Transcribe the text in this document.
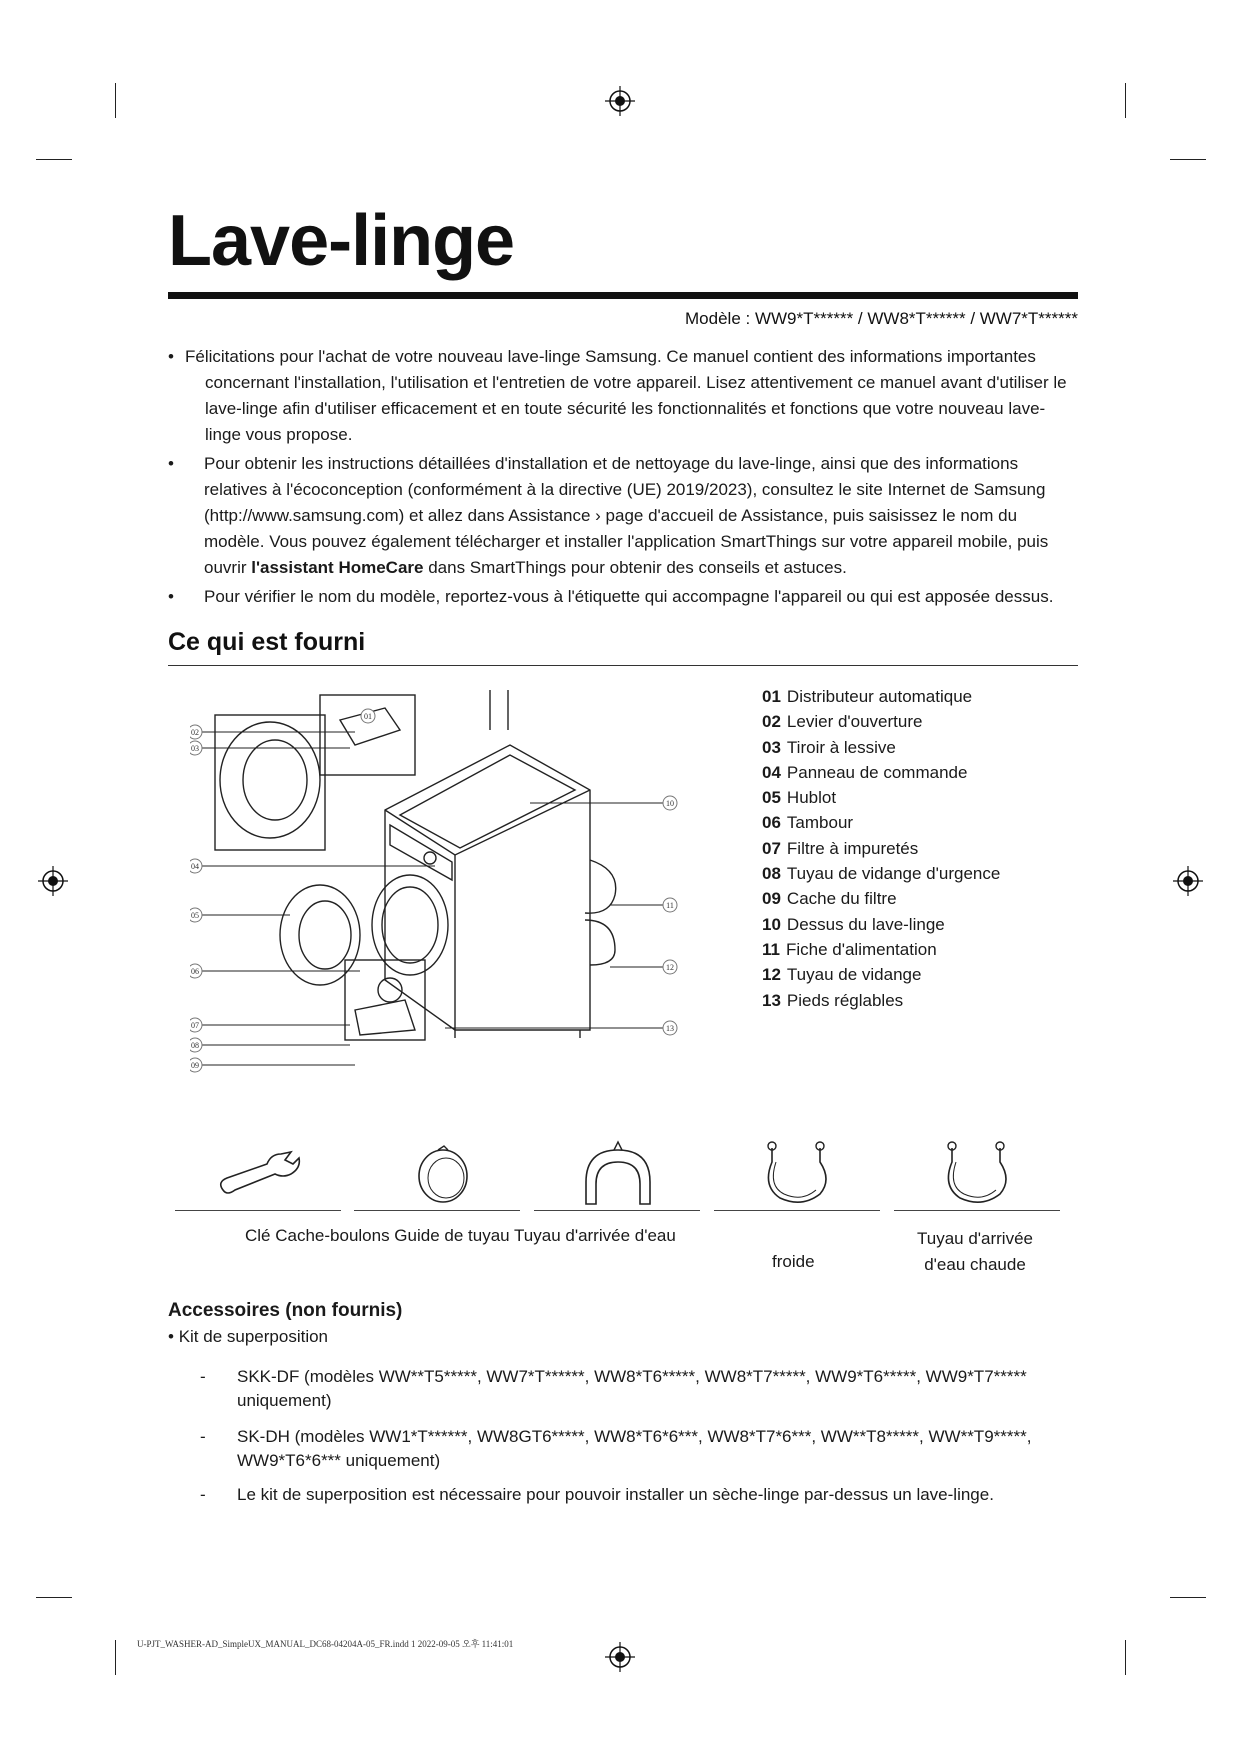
Lave-linge
Modèle : WW9*T****** / WW8*T****** / WW7*T******
• Félicitations pour l'achat de votre nouveau lave-linge Samsung. Ce manuel contient des informations importantes
concernant l'installation, l'utilisation et l'entretien de votre appareil. Lisez attentivement ce manuel avant d'utiliser le lave-linge afin d'utiliser efficacement et en toute sécurité les fonctionnalités et fonctions que votre nouveau lave-linge vous propose.
• Pour obtenir les instructions détaillées d'installation et de nettoyage du lave-linge, ainsi que des informations relatives à l'écoconception (conformément à la directive (UE) 2019/2023), consultez le site Internet de Samsung (http://www.samsung.com) et allez dans Assistance › page d'accueil de Assistance, puis saisissez le nom du modèle. Vous pouvez également télécharger et installer l'application SmartThings sur votre appareil mobile, puis ouvrir l'assistant HomeCare dans SmartThings pour obtenir des conseils et astuces.
• Pour vérifier le nom du modèle, reportez-vous à l'étiquette qui accompagne l'appareil ou qui est apposée dessus.
Ce qui est fourni
01
02
03
04
05
06
07
08
09
10
11
12
13
01 Distributeur automatique
02 Levier d'ouverture
03 Tiroir à lessive
04 Panneau de commande
05 Hublot
06 Tambour
07 Filtre à impuretés
08 Tuyau de vidange d'urgence
09 Cache du filtre
10 Dessus du lave-linge
11 Fiche d'alimentation
12 Tuyau de vidange
13 Pieds réglables
Clé Cache-boulons Guide de tuyau Tuyau d'arrivée d'eau
froide
Tuyau d'arrivée d'eau chaude
Accessoires (non fournis)
• Kit de superposition
-	SKK-DF (modèles WW**T5*****, WW7*T******, WW8*T6*****, WW8*T7*****, WW9*T6*****, WW9*T7***** uniquement)
-	SK-DH (modèles WW1*T******, WW8GT6*****, WW8*T6*6***, WW8*T7*6***, WW**T8*****, WW**T9*****, WW9*T6*6*** uniquement)
-	Le kit de superposition est nécessaire pour pouvoir installer un sèche-linge par-dessus un lave-linge.
U-PJT_WASHER-AD_SimpleUX_MANUAL_DC68-04204A-05_FR.indd 1 2022-09-05 오후 11:41:01
